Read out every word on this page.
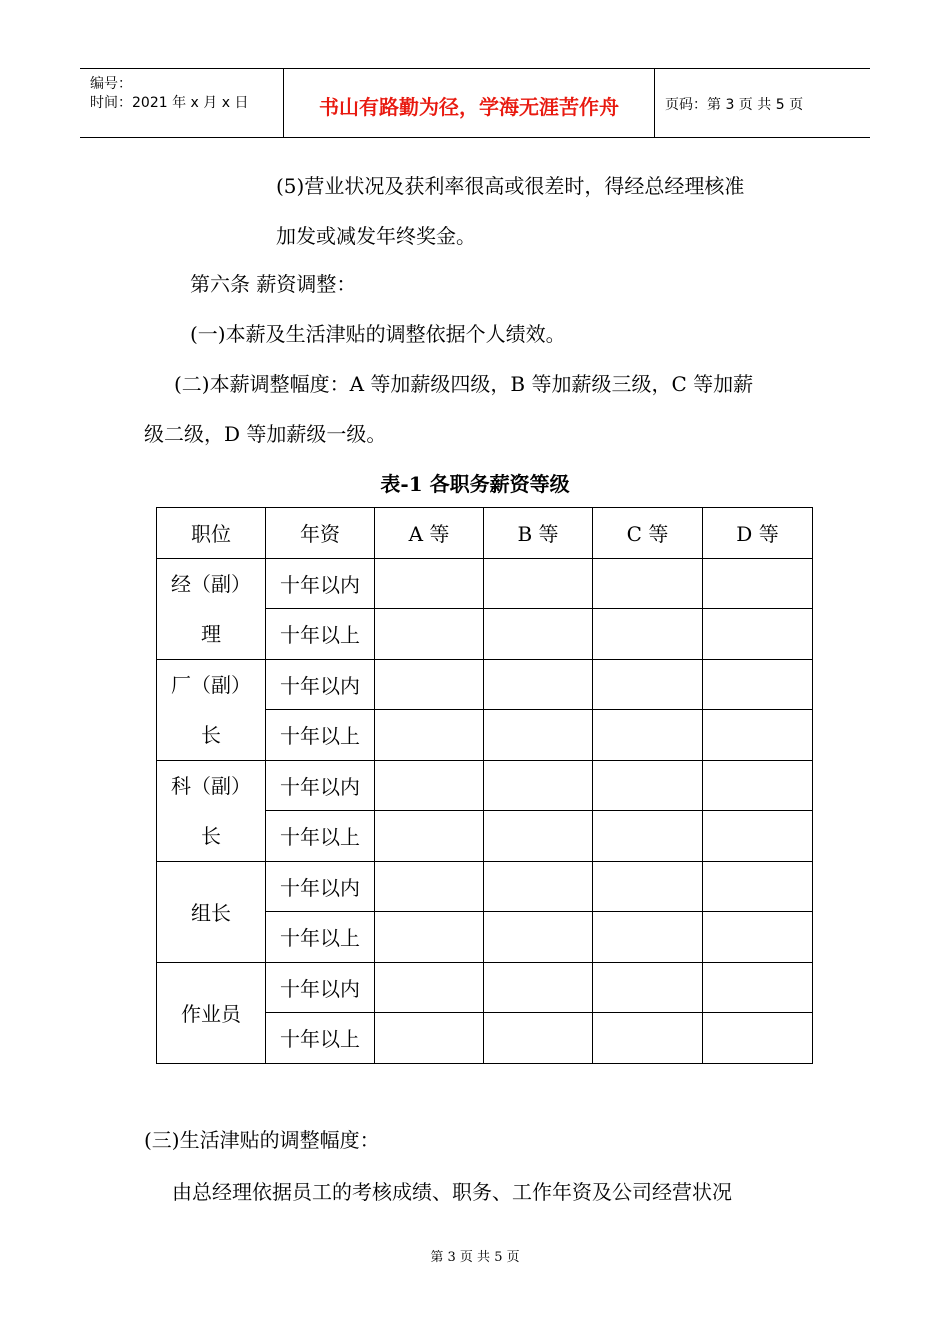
编号：
时间：2021 年 x 月 x 日	书山有路勤为径，学海无涯苦作舟	页码：第 3 页 共 5 页
(5)营业状况及获利率很高或很差时，得经总经理核准
加发或减发年终奖金。
第六条 薪资调整：
(一)本薪及生活津贴的调整依据个人绩效。
(二)本薪调整幅度：A 等加薪级四级，B 等加薪级三级，C 等加薪
级二级，D 等加薪级一级。
表-1 各职务薪资等级
职位	年资	A 等	B 等	C 等	D 等

经（副）
理	十年以内				
	十年以上				

厂（副）
长	十年以内				
	十年以上				

科（副）
长	十年以内				
	十年以上				
组长	十年以内				
	十年以上				
作业员	十年以内				
	十年以上				
(三)生活津贴的调整幅度：
由总经理依据员工的考核成绩、职务、工作年资及公司经营状况
第 3 页 共 5 页
